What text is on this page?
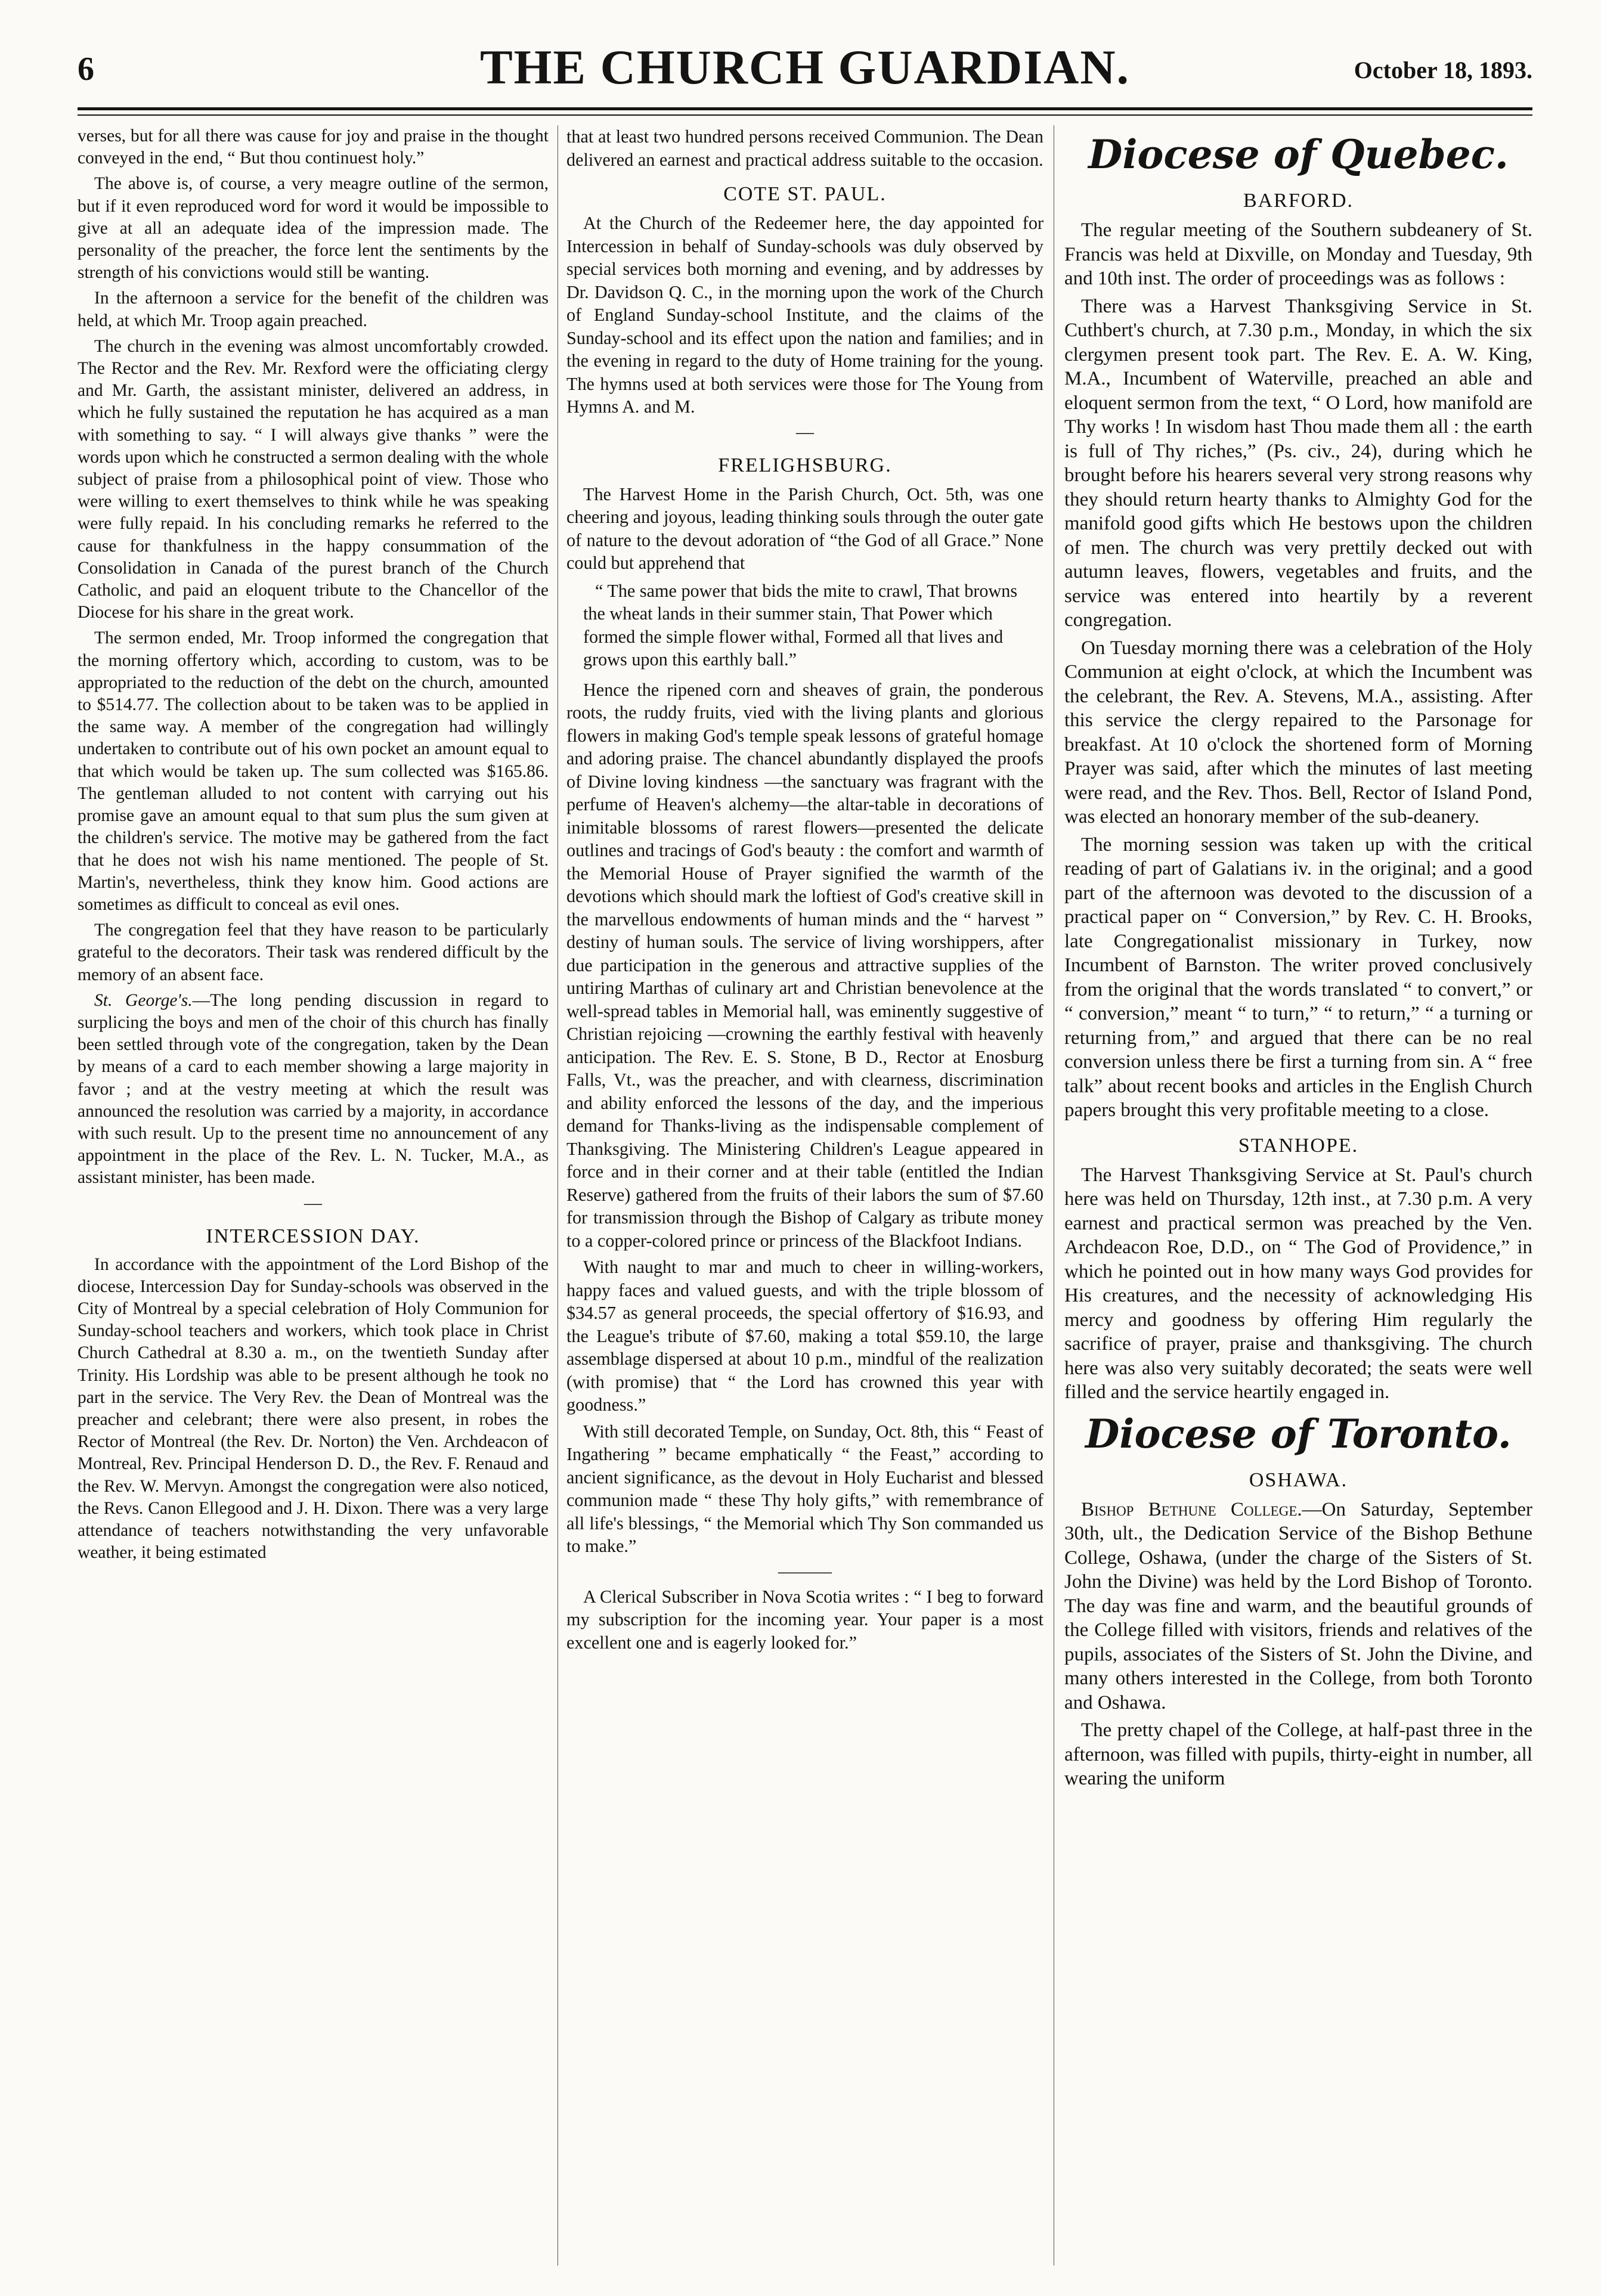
6	THE CHURCH GUARDIAN.	October 18, 1893.

verses, but for all there was cause for joy and praise in the thought conveyed in the end, “ But thou continuest holy.”

The above is, of course, a very meagre outline of the sermon, but if it even reproduced word for word it would be impossible to give at all an adequate idea of the impression made. The personality of the preacher, the force lent the sentiments by the strength of his convictions would still be wanting.

In the afternoon a service for the benefit of the children was held, at which Mr. Troop again preached.

The church in the evening was almost uncomfortably crowded. The Rector and the Rev. Mr. Rexford were the officiating clergy and Mr. Garth, the assistant minister, delivered an address, in which he fully sustained the reputation he has acquired as a man with something to say. “ I will always give thanks ” were the words upon which he constructed a sermon dealing with the whole subject of praise from a philosophical point of view. Those who were willing to exert themselves to think while he was speaking were fully repaid. In his concluding remarks he referred to the cause for thankfulness in the happy consummation of the Consolidation in Canada of the purest branch of the Church Catholic, and paid an eloquent tribute to the Chancellor of the Diocese for his share in the great work.

The sermon ended, Mr. Troop informed the congregation that the morning offertory which, according to custom, was to be appropriated to the reduction of the debt on the church, amounted to $514.77. The collection about to be taken was to be applied in the same way. A member of the congregation had willingly undertaken to contribute out of his own pocket an amount equal to that which would be taken up. The sum collected was $165.86. The gentleman alluded to not content with carrying out his promise gave an amount equal to that sum plus the sum given at the children's service. The motive may be gathered from the fact that he does not wish his name mentioned. The people of St. Martin's, nevertheless, think they know him. Good actions are sometimes as difficult to conceal as evil ones.

The congregation feel that they have reason to be particularly grateful to the decorators. Their task was rendered difficult by the memory of an absent face.

St. George's.—The long pending discussion in regard to surplicing the boys and men of the choir of this church has finally been settled through vote of the congregation, taken by the Dean by means of a card to each member showing a large majority in favor ; and at the vestry meeting at which the result was announced the resolution was carried by a majority, in accordance with such result. Up to the present time no announcement of any appointment in the place of the Rev. L. N. Tucker, M.A., as assistant minister, has been made.

—
INTERCESSION DAY.

In accordance with the appointment of the Lord Bishop of the diocese, Intercession Day for Sunday-schools was observed in the City of Montreal by a special celebration of Holy Communion for Sunday-school teachers and workers, which took place in Christ Church Cathedral at 8.30 a. m., on the twentieth Sunday after Trinity. His Lordship was able to be present although he took no part in the service. The Very Rev. the Dean of Montreal was the preacher and celebrant; there were also present, in robes the Rector of Montreal (the Rev. Dr. Norton) the Ven. Archdeacon of Montreal, Rev. Principal Henderson D. D., the Rev. F. Renaud and the Rev. W. Mervyn. Amongst the congregation were also noticed, the Revs. Canon Ellegood and J. H. Dixon. There was a very large attendance of teachers notwithstanding the very unfavorable weather, it being estimated

that at least two hundred persons received Communion. The Dean delivered an earnest and practical address suitable to the occasion.

COTE ST. PAUL.

At the Church of the Redeemer here, the day appointed for Intercession in behalf of Sunday-schools was duly observed by special services both morning and evening, and by addresses by Dr. Davidson Q. C., in the morning upon the work of the Church of England Sunday-school Institute, and the claims of the Sunday-school and its effect upon the nation and families; and in the evening in regard to the duty of Home training for the young. The hymns used at both services were those for The Young from Hymns A. and M.

—
FRELIGHSBURG.

The Harvest Home in the Parish Church, Oct. 5th, was one cheering and joyous, leading thinking souls through the outer gate of nature to the devout adoration of “the God of all Grace.” None could but apprehend that

“ The same power that bids the mite to crawl, That browns the wheat lands in their summer stain, That Power which formed the simple flower withal, Formed all that lives and grows upon this earthly ball.”

Hence the ripened corn and sheaves of grain, the ponderous roots, the ruddy fruits, vied with the living plants and glorious flowers in making God's temple speak lessons of grateful homage and adoring praise. The chancel abundantly displayed the proofs of Divine loving kindness —the sanctuary was fragrant with the perfume of Heaven's alchemy—the altar-table in decorations of inimitable blossoms of rarest flowers—presented the delicate outlines and tracings of God's beauty : the comfort and warmth of the Memorial House of Prayer signified the warmth of the devotions which should mark the loftiest of God's creative skill in the marvellous endowments of human minds and the “ harvest ” destiny of human souls. The service of living worshippers, after due participation in the generous and attractive supplies of the untiring Marthas of culinary art and Christian benevolence at the well-spread tables in Memorial hall, was eminently suggestive of Christian rejoicing —crowning the earthly festival with heavenly anticipation. The Rev. E. S. Stone, B D., Rector at Enosburg Falls, Vt., was the preacher, and with clearness, discrimination and ability enforced the lessons of the day, and the imperious demand for Thanks-living as the indispensable complement of Thanksgiving. The Ministering Children's League appeared in force and in their corner and at their table (entitled the Indian Reserve) gathered from the fruits of their labors the sum of $7.60 for transmission through the Bishop of Calgary as tribute money to a copper-colored prince or princess of the Blackfoot Indians.

With naught to mar and much to cheer in willing-workers, happy faces and valued guests, and with the triple blossom of $34.57 as general proceeds, the special offertory of $16.93, and the League's tribute of $7.60, making a total $59.10, the large assemblage dispersed at about 10 p.m., mindful of the realization (with promise) that “ the Lord has crowned this year with goodness.”

With still decorated Temple, on Sunday, Oct. 8th, this “ Feast of Ingathering ” became emphatically “ the Feast,” according to ancient significance, as the devout in Holy Eucharist and blessed communion made “ these Thy holy gifts,” with remembrance of all life's blessings, “ the Memorial which Thy Son commanded us to make.”

———

A Clerical Subscriber in Nova Scotia writes : “ I beg to forward my subscription for the incoming year. Your paper is a most excellent one and is eagerly looked for.”

Diocese of Quebec.
BARFORD.

The regular meeting of the Southern subdeanery of St. Francis was held at Dixville, on Monday and Tuesday, 9th and 10th inst. The order of proceedings was as follows :

There was a Harvest Thanksgiving Service in St. Cuthbert's church, at 7.30 p.m., Monday, in which the six clergymen present took part. The Rev. E. A. W. King, M.A., Incumbent of Waterville, preached an able and eloquent sermon from the text, “ O Lord, how manifold are Thy works ! In wisdom hast Thou made them all : the earth is full of Thy riches,” (Ps. civ., 24), during which he brought before his hearers several very strong reasons why they should return hearty thanks to Almighty God for the manifold good gifts which He bestows upon the children of men. The church was very prettily decked out with autumn leaves, flowers, vegetables and fruits, and the service was entered into heartily by a reverent congregation.

On Tuesday morning there was a celebration of the Holy Communion at eight o'clock, at which the Incumbent was the celebrant, the Rev. A. Stevens, M.A., assisting. After this service the clergy repaired to the Parsonage for breakfast. At 10 o'clock the shortened form of Morning Prayer was said, after which the minutes of last meeting were read, and the Rev. Thos. Bell, Rector of Island Pond, was elected an honorary member of the sub-deanery.

The morning session was taken up with the critical reading of part of Galatians iv. in the original; and a good part of the afternoon was devoted to the discussion of a practical paper on “ Conversion,” by Rev. C. H. Brooks, late Congregationalist missionary in Turkey, now Incumbent of Barnston. The writer proved conclusively from the original that the words translated “ to convert,” or “ conversion,” meant “ to turn,” “ to return,” “ a turning or returning from,” and argued that there can be no real conversion unless there be first a turning from sin. A “ free talk” about recent books and articles in the English Church papers brought this very profitable meeting to a close.

STANHOPE.

The Harvest Thanksgiving Service at St. Paul's church here was held on Thursday, 12th inst., at 7.30 p.m. A very earnest and practical sermon was preached by the Ven. Archdeacon Roe, D.D., on “ The God of Providence,” in which he pointed out in how many ways God provides for His creatures, and the necessity of acknowledging His mercy and goodness by offering Him regularly the sacrifice of prayer, praise and thanksgiving. The church here was also very suitably decorated; the seats were well filled and the service heartily engaged in.

Diocese of Toronto.
OSHAWA.

Bishop Bethune College.—On Saturday, September 30th, ult., the Dedication Service of the Bishop Bethune College, Oshawa, (under the charge of the Sisters of St. John the Divine) was held by the Lord Bishop of Toronto. The day was fine and warm, and the beautiful grounds of the College filled with visitors, friends and relatives of the pupils, associates of the Sisters of St. John the Divine, and many others interested in the College, from both Toronto and Oshawa.

The pretty chapel of the College, at half-past three in the afternoon, was filled with pupils, thirty-eight in number, all wearing the uniform
